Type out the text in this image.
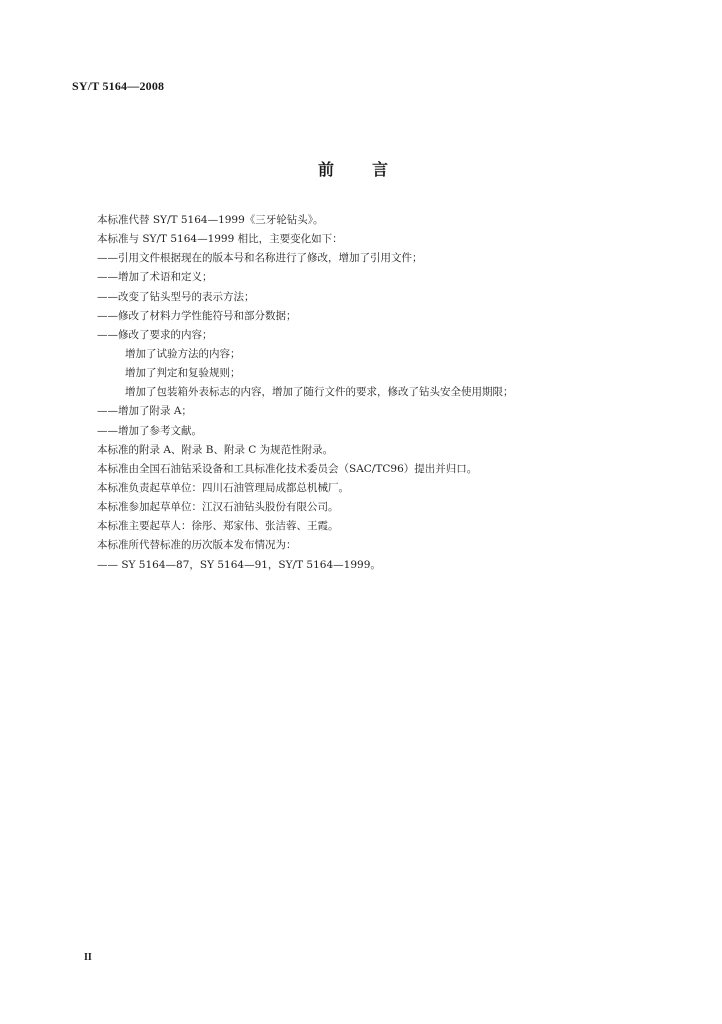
SY/T 5164—2008
前言
本标准代替 SY/T 5164—1999《三牙轮钻头》。
本标准与 SY/T 5164—1999 相比，主要变化如下：
——引用文件根据现在的版本号和名称进行了修改，增加了引用文件；
——增加了术语和定义；
——改变了钻头型号的表示方法；
——修改了材料力学性能符号和部分数据；
——修改了要求的内容；
增加了试验方法的内容；
增加了判定和复验规则；
增加了包装箱外表标志的内容，增加了随行文件的要求，修改了钻头安全使用期限；
——增加了附录 A；
——增加了参考文献。
本标准的附录 A、附录 B、附录 C 为规范性附录。
本标准由全国石油钻采设备和工具标准化技术委员会（SAC/TC96）提出并归口。
本标准负责起草单位：四川石油管理局成都总机械厂。
本标准参加起草单位：江汉石油钻头股份有限公司。
本标准主要起草人：徐彤、郑家伟、张洁蓉、王霞。
本标准所代替标准的历次版本发布情况为：
—— SY 5164—87，SY 5164—91，SY/T 5164—1999。
II
